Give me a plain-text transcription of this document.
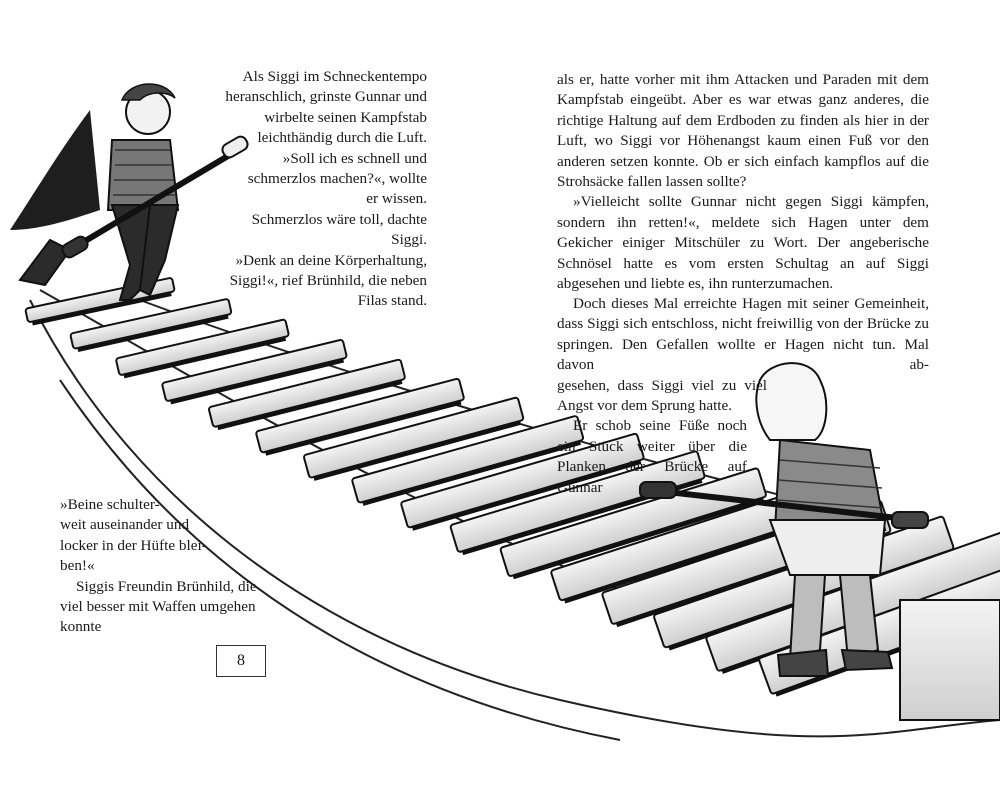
Als Siggi im Schneckentempo

heranschlich, grinste Gunnar und

wirbelte seinen Kampfstab

leichthändig durch die Luft.

»Soll ich es schnell und

schmerzlos machen?«, wollte

er wissen.

Schmerzlos wäre toll, dachte

Siggi.

»Denk an deine Körperhaltung,

Siggi!«, rief Brünhild, die neben

Filas stand.

»Beine schulter-

weit auseinander und

locker in der Hüfte blei-

ben!«

Siggis Freundin Brünhild, die

viel besser mit Waffen umgehen konnte

8

als er, hatte vorher mit ihm Attacken und Paraden mit dem Kampfstab eingeübt. Aber es war etwas ganz anderes, die richtige Haltung auf dem Erdboden zu finden als hier in der Luft, wo Siggi vor Höhenangst kaum einen Fuß vor den anderen setzen konnte. Ob er sich einfach kampflos auf die Strohsäcke fallen lassen sollte?

»Vielleicht sollte Gunnar nicht gegen Siggi kämpfen, sondern ihn retten!«, meldete sich Hagen unter dem Gekicher einiger Mitschüler zu Wort. Der angeberische Schnösel hatte es vom ersten Schultag an auf Siggi abgesehen und liebte es, ihn runterzumachen.

Doch dieses Mal erreichte Hagen mit seiner Gemeinheit,

dass Siggi sich entschloss, nicht freiwillig von der Brücke zu

springen. Den Gefallen wollte er Hagen nicht tun. Mal davon ab-

gesehen, dass Siggi viel zu viel

Angst vor dem Sprung hatte.

Er schob seine Füße noch

ein Stück weiter über die

Planken der Brücke auf Gunnar
